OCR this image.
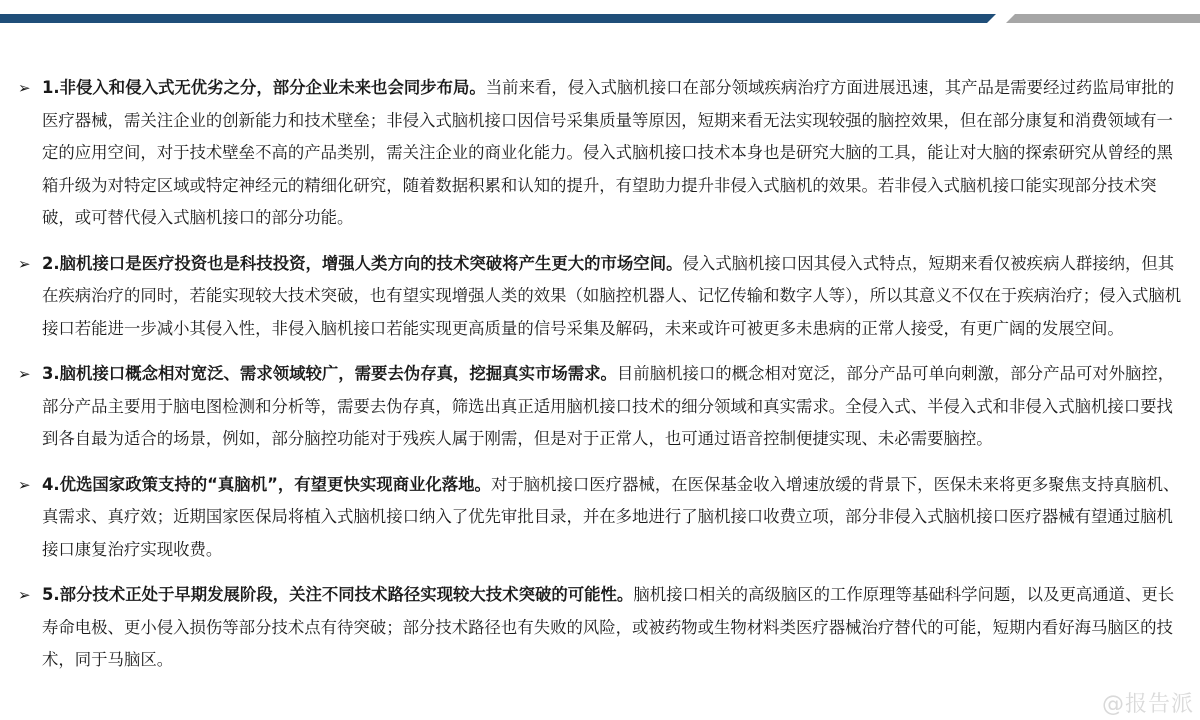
➢ 1.非侵入和侵入式无优劣之分，部分企业未来也会同步布局。当前来看，侵入式脑机接口在部分领域疾病治疗方面进展迅速，其产品是需要经过药监局审批的医疗器械，需关注企业的创新能力和技术壁垒；非侵入式脑机接口因信号采集质量等原因，短期来看无法实现较强的脑控效果，但在部分康复和消费领域有一定的应用空间，对于技术壁垒不高的产品类别，需关注企业的商业化能力。侵入式脑机接口技术本身也是研究大脑的工具，能让对大脑的探索研究从曾经的黑箱升级为对特定区域或特定神经元的精细化研究，随着数据积累和认知的提升，有望助力提升非侵入式脑机的效果。若非侵入式脑机接口能实现部分技术突破，或可替代侵入式脑机接口的部分功能。
➢ 2.脑机接口是医疗投资也是科技投资，增强人类方向的技术突破将产生更大的市场空间。侵入式脑机接口因其侵入式特点，短期来看仅被疾病人群接纳，但其在疾病治疗的同时，若能实现较大技术突破，也有望实现增强人类的效果（如脑控机器人、记忆传输和数字人等），所以其意义不仅在于疾病治疗；侵入式脑机接口若能进一步减小其侵入性，非侵入脑机接口若能实现更高质量的信号采集及解码，未来或许可被更多未患病的正常人接受，有更广阔的发展空间。
➢ 3.脑机接口概念相对宽泛、需求领域较广，需要去伪存真，挖掘真实市场需求。目前脑机接口的概念相对宽泛，部分产品可单向刺激，部分产品可对外脑控，部分产品主要用于脑电图检测和分析等，需要去伪存真，筛选出真正适用脑机接口技术的细分领域和真实需求。全侵入式、半侵入式和非侵入式脑机接口要找到各自最为适合的场景，例如，部分脑控功能对于残疾人属于刚需，但是对于正常人，也可通过语音控制便捷实现、未必需要脑控。
➢ 4.优选国家政策支持的“真脑机”，有望更快实现商业化落地。对于脑机接口医疗器械，在医保基金收入增速放缓的背景下，医保未来将更多聚焦支持真脑机、真需求、真疗效；近期国家医保局将植入式脑机接口纳入了优先审批目录，并在多地进行了脑机接口收费立项，部分非侵入式脑机接口医疗器械有望通过脑机接口康复治疗实现收费。
➢ 5.部分技术正处于早期发展阶段，关注不同技术路径实现较大技术突破的可能性。脑机接口相关的高级脑区的工作原理等基础科学问题，以及更高通道、更长寿命电极、更小侵入损伤等部分技术点有待突破；部分技术路径也有失败的风险，或被药物或生物材料类医疗器械治疗替代的可能，短期内看好海马脑区的技术，同于马脑区。
@报告派
